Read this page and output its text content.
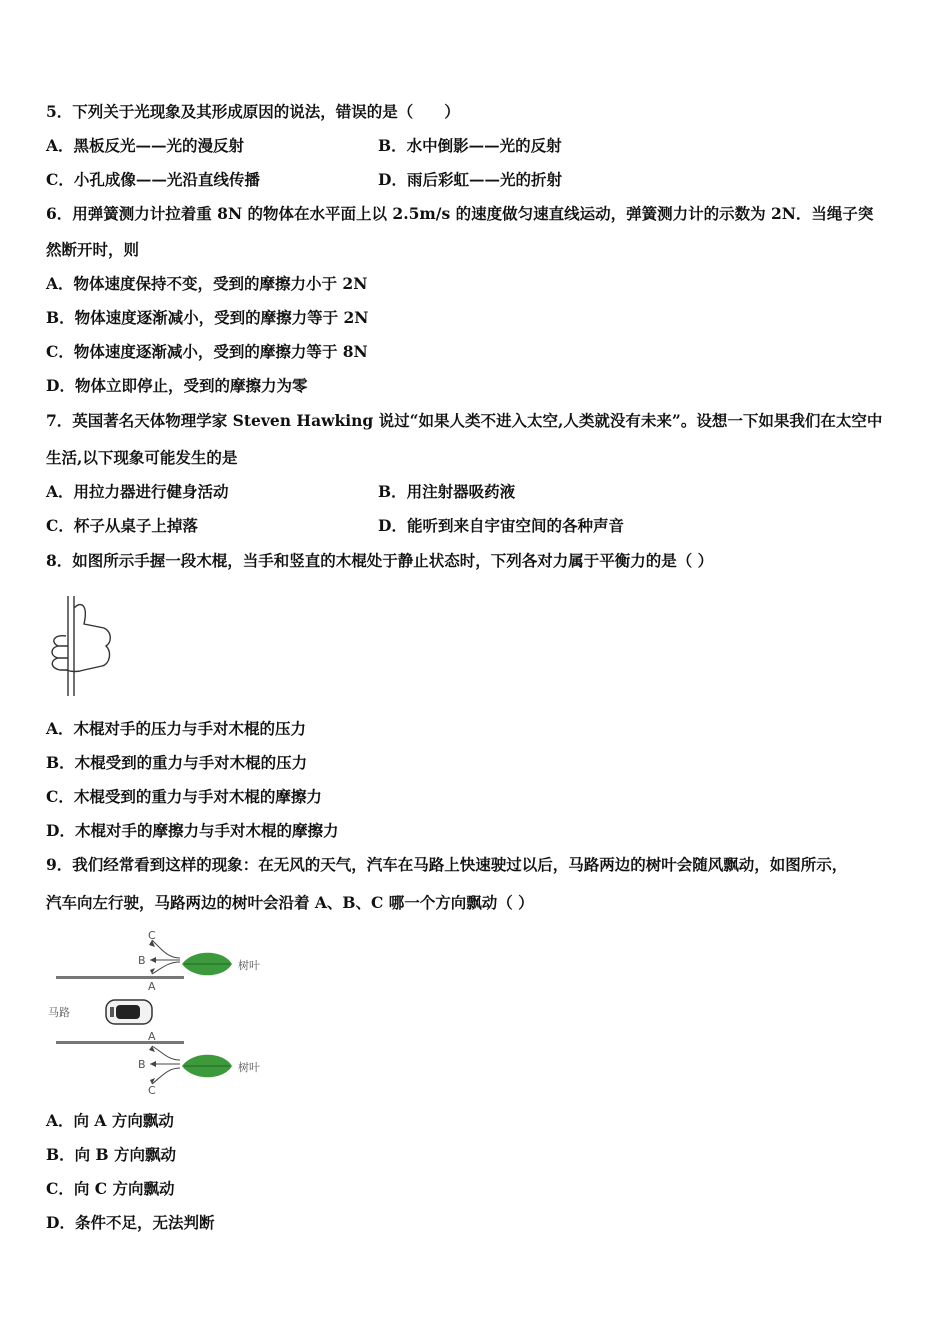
5．下列关于光现象及其形成原因的说法，错误的是（　　）
A．黑板反光——光的漫反射	B．水中倒影——光的反射
C．小孔成像——光沿直线传播	D．雨后彩虹——光的折射
6．用弹簧测力计拉着重 8N 的物体在水平面上以 2.5m/s 的速度做匀速直线运动，弹簧测力计的示数为 2N．当绳子突
然断开时，则
A．物体速度保持不变，受到的摩擦力小于 2N
B．物体速度逐渐减小，受到的摩擦力等于 2N
C．物体速度逐渐减小，受到的摩擦力等于 8N
D．物体立即停止，受到的摩擦力为零
7．英国著名天体物理学家 Steven Hawking 说过“如果人类不进入太空,人类就没有未来”。设想一下如果我们在太空中
生活,以下现象可能发生的是
A．用拉力器进行健身活动	B．用注射器吸药液
C．杯子从桌子上掉落	D．能听到来自宇宙空间的各种声音
8．如图所示手握一段木棍，当手和竖直的木棍处于静止状态时，下列各对力属于平衡力的是（ ）
A．木棍对手的压力与手对木棍的压力
B．木棍受到的重力与手对木棍的压力
C．木棍受到的重力与手对木棍的摩擦力
D．木棍对手的摩擦力与手对木棍的摩擦力
9．我们经常看到这样的现象：在无风的天气，汽车在马路上快速驶过以后，马路两边的树叶会随风飘动，如图所示，
汽车向左行驶，马路两边的树叶会沿着 A、B、C 哪一个方向飘动（ ）
C
B
A
树叶
马路
A
B
C
树叶
A．向 A 方向飘动
B．向 B 方向飘动
C．向 C 方向飘动
D．条件不足，无法判断
